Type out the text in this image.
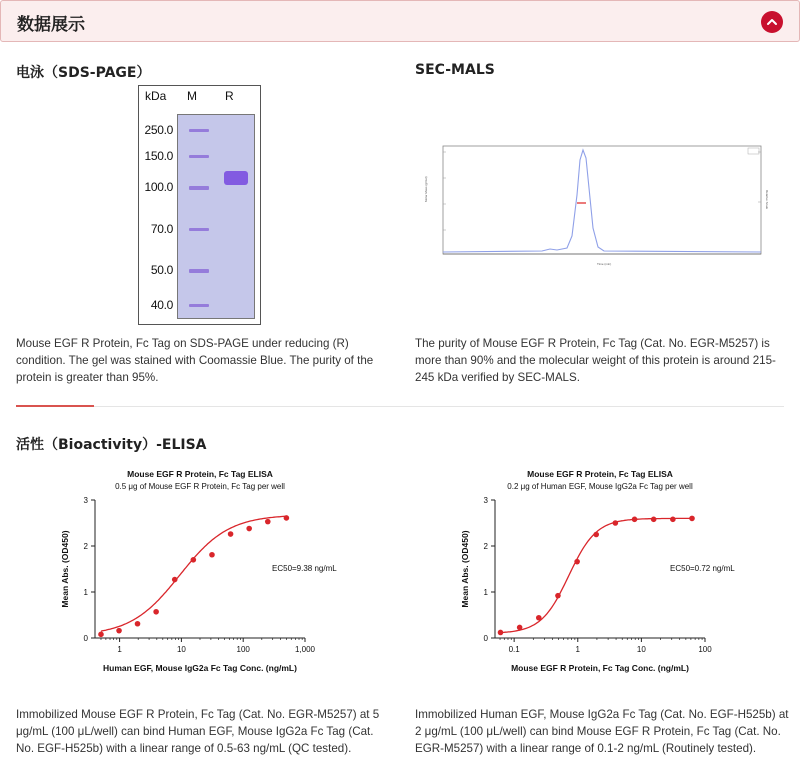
数据展示
电泳（SDS-PAGE）
kDa M R
250.0
150.0
100.0
70.0
50.0
40.0
Mouse EGF R Protein, Fc Tag on SDS-PAGE under reducing (R) condition. The gel was stained with Coomassie Blue. The purity of the protein is greater than 95%.
SEC-MALS
Molar Mass (g/mol)	Relative Scale
Time (min)
The purity of Mouse EGF R Protein, Fc Tag (Cat. No. EGR-M5257) is more than 90% and the molecular weight of this protein is around 215-245 kDa verified by SEC-MALS.
活性（Bioactivity）-ELISA
Mouse EGF R Protein, Fc Tag ELISA
0.5 μg of Mouse EGF R Protein, Fc Tag per well
0
1
2
3
1	10	100	1,000
EC50=9.38 ng/mL
Human EGF, Mouse IgG2a Fc Tag Conc. (ng/mL)
Mean Abs. (OD450)
Mouse EGF R Protein, Fc Tag ELISA
0.2 μg of Human EGF, Mouse IgG2a Fc Tag per well
0
1
2
3
0.1	1	10	100
EC50=0.72 ng/mL
Mouse EGF R Protein, Fc Tag Conc. (ng/mL)
Mean Abs. (OD450)
Immobilized Mouse EGF R Protein, Fc Tag (Cat. No. EGR-M5257) at 5 μg/mL (100 μL/well) can bind Human EGF, Mouse IgG2a Fc Tag (Cat. No. EGF-H525b) with a linear range of 0.5-63 ng/mL (QC tested).
Immobilized Human EGF, Mouse IgG2a Fc Tag (Cat. No. EGF-H525b) at 2 μg/mL (100 μL/well) can bind Mouse EGF R Protein, Fc Tag (Cat. No. EGR-M5257) with a linear range of 0.1-2 ng/mL (Routinely tested).
